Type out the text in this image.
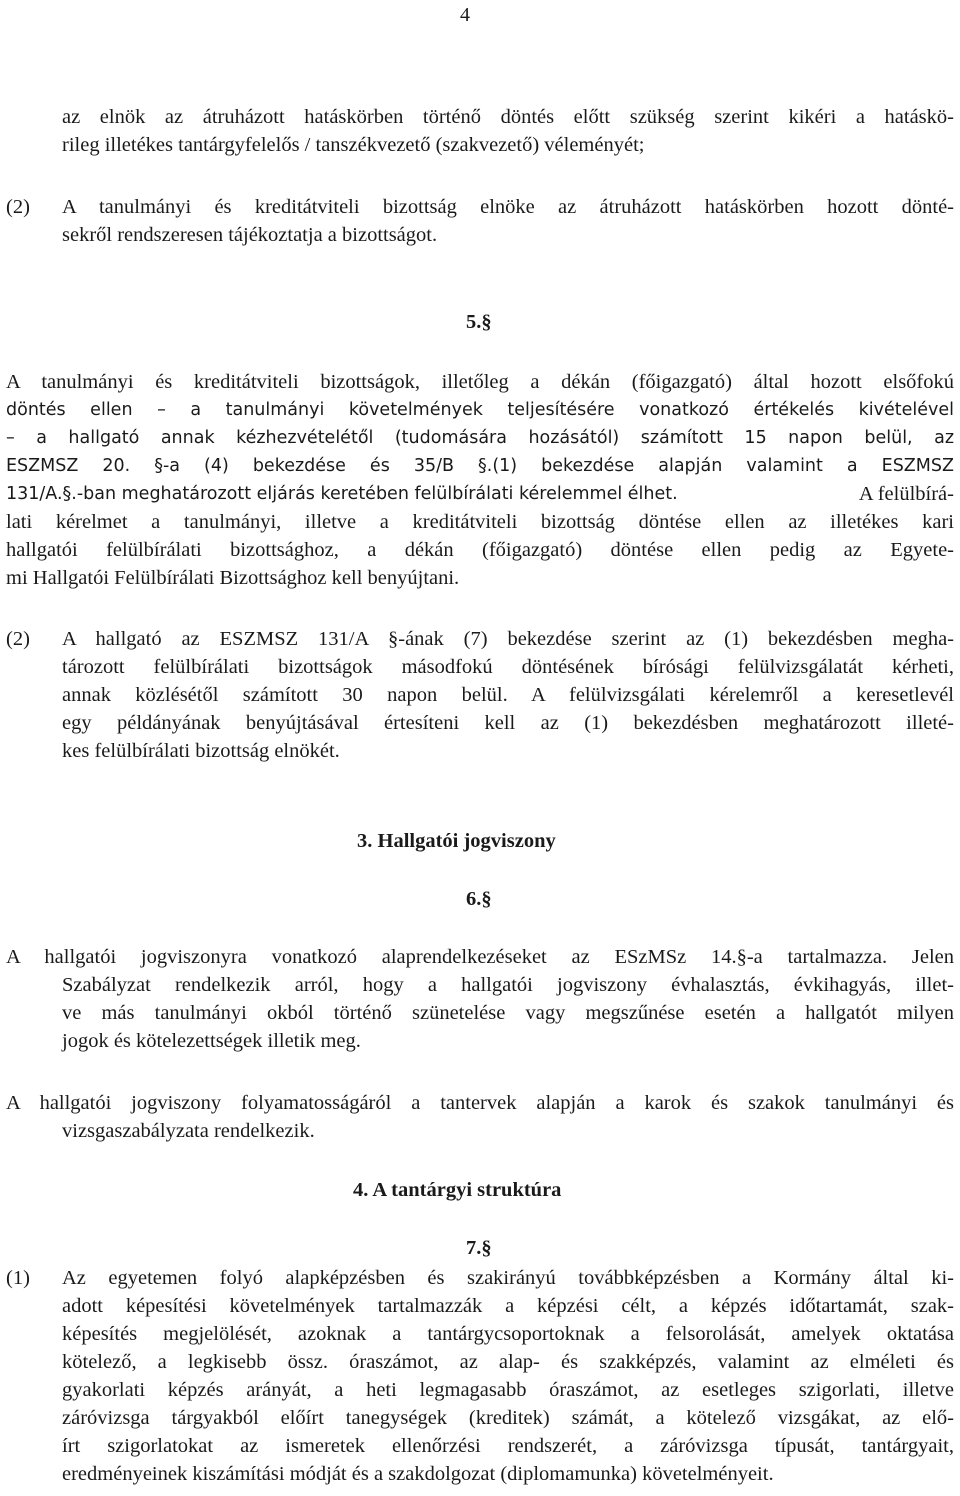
4
az elnök az átruházott hatáskörben történő döntés előtt szükség szerint kikéri a hatáskö-
rileg illetékes tantárgyfelelős / tanszékvezető (szakvezető) véleményét;
(2) A tanulmányi és kreditátviteli bizottság elnöke az átruházott hatáskörben hozott dönté-
sekről rendszeresen tájékoztatja a bizottságot.
5.§
A tanulmányi és kreditátviteli bizottságok, illetőleg a dékán (főigazgató) által hozott elsőfokú
döntés ellen – a tanulmányi követelmények teljesítésére vonatkozó értékelés kivételével
– a hallgató annak kézhezvételétől (tudomására hozásától) számított 15 napon belül, az
ESZMSZ 20. §-a (4) bekezdése és 35/B §.(1) bekezdése alapján valamint a ESZMSZ
131/A.§.-ban meghatározott eljárás keretében felülbírálati kérelemmel élhet.	A felülbírá-
lati kérelmet a tanulmányi, illetve a kreditátviteli bizottság döntése ellen az illetékes kari
hallgatói felülbírálati bizottsághoz, a dékán (főigazgató) döntése ellen pedig az Egyete-
mi Hallgatói Felülbírálati Bizottsághoz kell benyújtani.
(2) A hallgató az ESZMSZ 131/A §-ának (7) bekezdése szerint az (1) bekezdésben megha-
tározott felülbírálati bizottságok másodfokú döntésének bírósági felülvizsgálatát kérheti,
annak közlésétől számított 30 napon belül. A felülvizsgálati kérelemről a keresetlevél
egy példányának benyújtásával értesíteni kell az (1) bekezdésben meghatározott illeté-
kes felülbírálati bizottság elnökét.
3. Hallgatói jogviszony
6.§
A hallgatói jogviszonyra vonatkozó alaprendelkezéseket az ESzMSz 14.§-a tartalmazza. Jelen
Szabályzat rendelkezik arról, hogy a hallgatói jogviszony évhalasztás, évkihagyás, illet-
ve más tanulmányi okból történő szünetelése vagy megszűnése esetén a hallgatót milyen
jogok és kötelezettségek illetik meg.
A hallgatói jogviszony folyamatosságáról a tantervek alapján a karok és szakok tanulmányi és
vizsgaszabályzata rendelkezik.
4. A tantárgyi struktúra
7.§
(1) Az egyetemen folyó alapképzésben és szakirányú továbbképzésben a Kormány által ki-
adott képesítési követelmények tartalmazzák a képzési célt, a képzés időtartamát, szak-
képesítés megjelölését, azoknak a tantárgycsoportoknak a felsorolását, amelyek oktatása
kötelező, a legkisebb össz. óraszámot, az alap- és szakképzés, valamint az elméleti és
gyakorlati képzés arányát, a heti legmagasabb óraszámot, az esetleges szigorlati, illetve
záróvizsga tárgyakból előírt tanegységek (kreditek) számát, a kötelező vizsgákat, az elő-
írt szigorlatokat az ismeretek ellenőrzési rendszerét, a záróvizsga típusát, tantárgyait,
eredményeinek kiszámítási módját és a szakdolgozat (diplomamunka) követelményeit.
